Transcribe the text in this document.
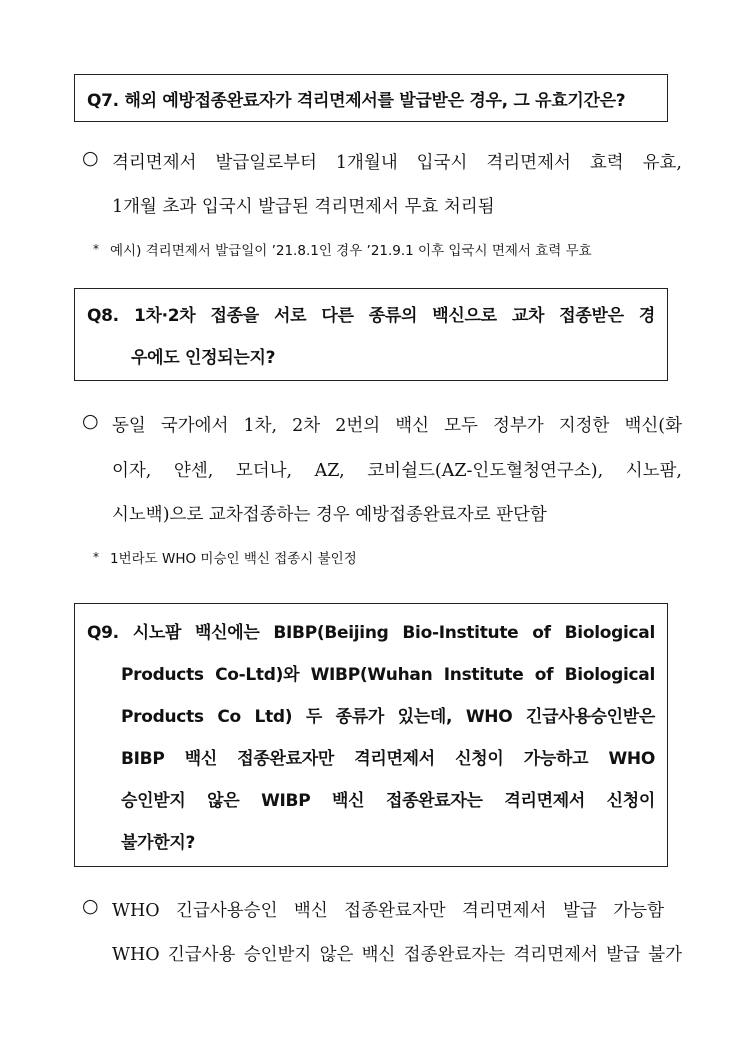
Q7. 해외 예방접종완료자가 격리면제서를 발급받은 경우, 그 유효기간은?
○ 격리면제서 발급일로부터 1개월내 입국시 격리면제서 효력 유효,
1개월 초과 입국시 발급된 격리면제서 무효 처리됨
* 예시) 격리면제서 발급일이 ’21.8.1인 경우 ’21.9.1 이후 입국시 면제서 효력 무효
Q8. 1차·2차 접종을 서로 다른 종류의 백신으로 교차 접종받은 경
우에도 인정되는지?
○ 동일 국가에서 1차, 2차 2번의 백신 모두 정부가 지정한 백신(화
이자, 얀센, 모더나, AZ, 코비쉴드(AZ-인도혈청연구소), 시노팜,
시노백)으로 교차접종하는 경우 예방접종완료자로 판단함
* 1번라도 WHO 미승인 백신 접종시 불인정
Q9. 시노팜 백신에는 BIBP(Beijing Bio-Institute of Biological
Products Co-Ltd)와 WIBP(Wuhan Institute of Biological
Products Co Ltd) 두 종류가 있는데, WHO 긴급사용승인받은
BIBP 백신 접종완료자만 격리면제서 신청이 가능하고 WHO
승인받지 않은 WIBP 백신 접종완료자는 격리면제서 신청이
불가한지?
○ WHO 긴급사용승인 백신 접종완료자만 격리면제서 발급 가능함
WHO 긴급사용 승인받지 않은 백신 접종완료자는 격리면제서 발급 불가
